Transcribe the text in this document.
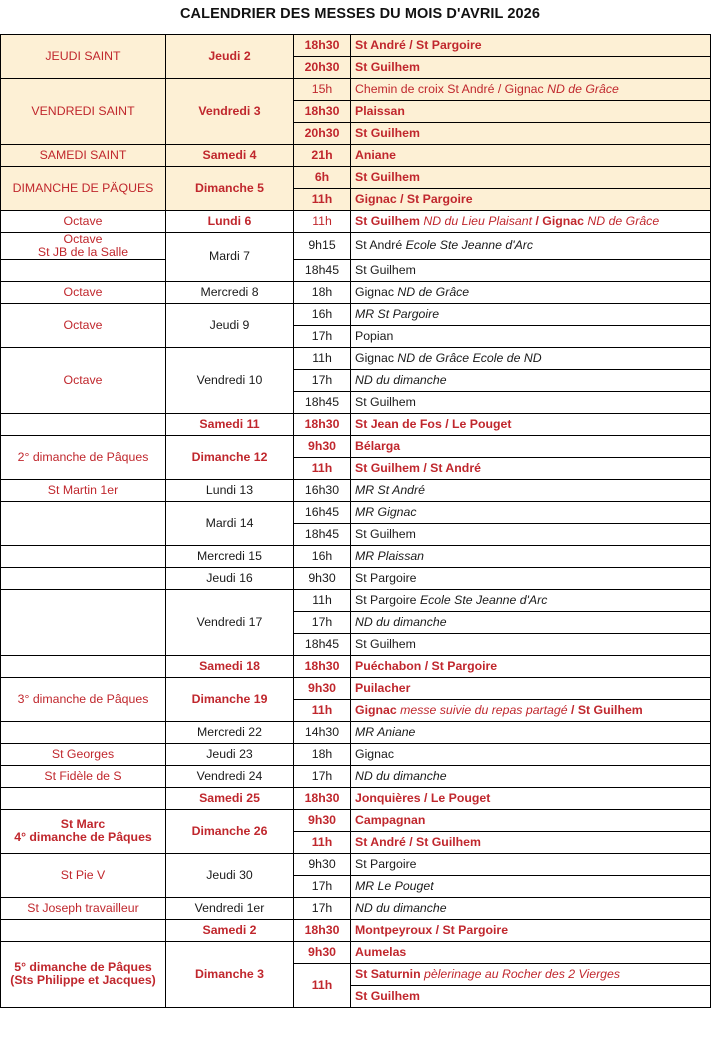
CALENDRIER DES MESSES DU MOIS D'AVRIL 2026
JEUDI SAINT	Jeudi 2	18h30	St André / St Pargoire
		20h30	St Guilhem
VENDREDI SAINT	Vendredi 3	15h	Chemin de croix St André / Gignac ND de Grâce
		18h30	Plaissan
		20h30	St Guilhem
SAMEDI SAINT	Samedi 4	21h	Aniane
DIMANCHE DE PÄQUES	Dimanche 5	6h	St Guilhem
		11h	Gignac / St Pargoire
Octave	Lundi 6	11h	St Guilhem ND du Lieu Plaisant / Gignac ND de Grâce

Octave
St JB de la Salle	Mardi 7	9h15	St André Ecole Ste Jeanne d'Arc
		18h45	St Guilhem
Octave	Mercredi 8	18h	Gignac ND de Grâce
Octave	Jeudi 9	16h	MR St Pargoire
		17h	Popian
Octave	Vendredi 10	11h	Gignac ND de Grâce Ecole de ND
		17h	ND du dimanche
		18h45	St Guilhem
	Samedi 11	18h30	St Jean de Fos / Le Pouget
2° dimanche de Pâques	Dimanche 12	9h30	Bélarga
		11h	St Guilhem / St André
St Martin 1er	Lundi 13	16h30	MR St André
	Mardi 14	16h45	MR Gignac
		18h45	St Guilhem
	Mercredi 15	16h	MR Plaissan
	Jeudi 16	9h30	St Pargoire
	Vendredi 17	11h	St Pargoire Ecole Ste Jeanne d'Arc
		17h	ND du dimanche
		18h45	St Guilhem
	Samedi 18	18h30	Puéchabon / St Pargoire
3° dimanche de Pâques	Dimanche 19	9h30	Puilacher
		11h	Gignac messe suivie du repas partagé / St Guilhem
	Mercredi 22	14h30	MR Aniane
St Georges	Jeudi 23	18h	Gignac
St Fidèle de S	Vendredi 24	17h	ND du dimanche
	Samedi 25	18h30	Jonquières / Le Pouget

St Marc
4° dimanche de Pâques	Dimanche 26	9h30	Campagnan
		11h	St André / St Guilhem
St Pie V	Jeudi 30	9h30	St Pargoire
		17h	MR Le Pouget
St Joseph travailleur	Vendredi 1er	17h	ND du dimanche
	Samedi 2	18h30	Montpeyroux / St Pargoire

5° dimanche de Pâques
(Sts Philippe et Jacques)	Dimanche 3	9h30	Aumelas
		11h	St Saturnin pèlerinage au Rocher des 2 Vierges
			St Guilhem
